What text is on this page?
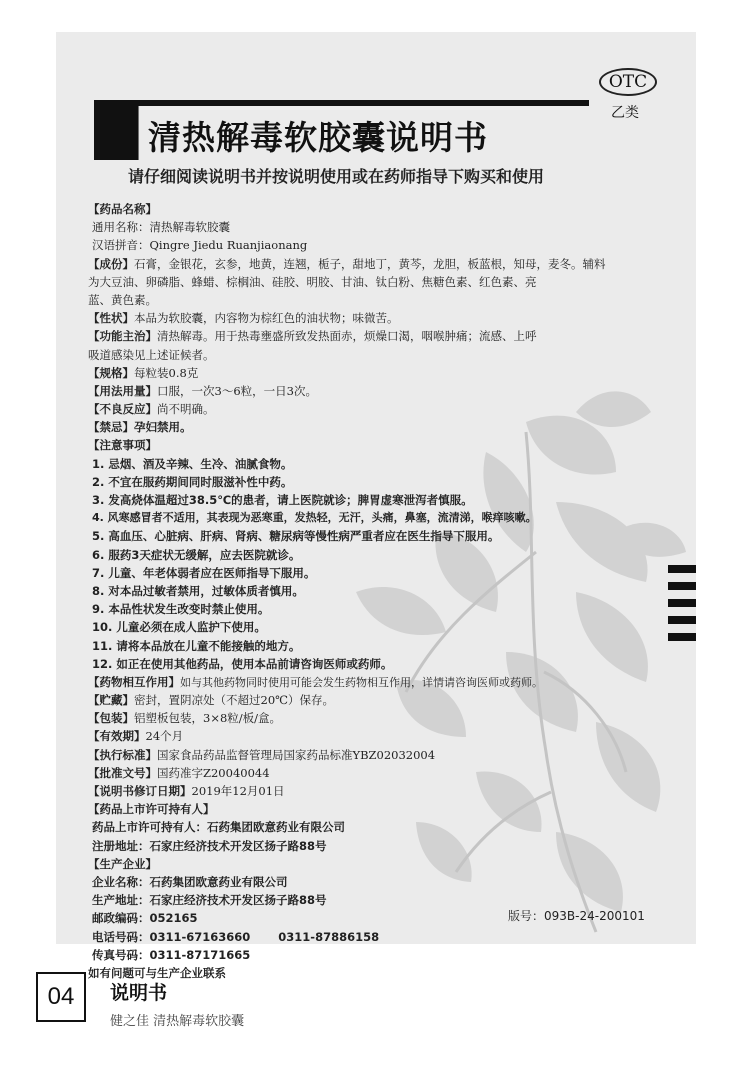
OTC
乙类
清热解毒软胶囊说明书
请仔细阅读说明书并按说明使用或在药师指导下购买和使用
【药品名称】
通用名称：清热解毒软胶囊
汉语拼音：Qingre Jiedu Ruanjiaonang
【成份】石膏，金银花，玄参，地黄，连翘，栀子，甜地丁，黄芩，龙胆，板蓝根，知母，麦冬。辅料
为大豆油、卵磷脂、蜂蜡、棕榈油、硅胶、明胶、甘油、钛白粉、焦糖色素、红色素、亮
蓝、黄色素。
【性状】本品为软胶囊，内容物为棕红色的油状物；味微苦。
【功能主治】清热解毒。用于热毒壅盛所致发热面赤，烦燥口渴，咽喉肿痛；流感、上呼
吸道感染见上述证候者。
【规格】每粒装0.8克
【用法用量】口服，一次3～6粒，一日3次。
【不良反应】尚不明确。
【禁忌】孕妇禁用。
【注意事项】
1. 忌烟、酒及辛辣、生冷、油腻食物。
2. 不宜在服药期间同时服滋补性中药。
3. 发高烧体温超过38.5℃的患者，请上医院就诊；脾胃虚寒泄泻者慎服。
4. 风寒感冒者不适用，其表现为恶寒重，发热轻，无汗，头痛，鼻塞，流清涕，喉痒咳嗽。
5. 高血压、心脏病、肝病、肾病、糖尿病等慢性病严重者应在医生指导下服用。
6. 服药3天症状无缓解，应去医院就诊。
7. 儿童、年老体弱者应在医师指导下服用。
8. 对本品过敏者禁用，过敏体质者慎用。
9. 本品性状发生改变时禁止使用。
10. 儿童必须在成人监护下使用。
11. 请将本品放在儿童不能接触的地方。
12. 如正在使用其他药品，使用本品前请咨询医师或药师。
【药物相互作用】如与其他药物同时使用可能会发生药物相互作用，详情请咨询医师或药师。
【贮藏】密封，置阴凉处（不超过20℃）保存。
【包装】铝塑板包装，3×8粒/板/盒。
【有效期】24个月
【执行标准】国家食品药品监督管理局国家药品标准YBZ02032004
【批准文号】国药准字Z20040044
【说明书修订日期】2019年12月01日
【药品上市许可持有人】
药品上市许可持有人：石药集团欧意药业有限公司
注册地址：石家庄经济技术开发区扬子路88号
【生产企业】
企业名称：石药集团欧意药业有限公司
生产地址：石家庄经济技术开发区扬子路88号
邮政编码：052165
电话号码：0311-67163660 0311-87886158
传真号码：0311-87171665
如有问题可与生产企业联系
版号：093B-24-200101
04	说明书
健之佳 清热解毒软胶囊
